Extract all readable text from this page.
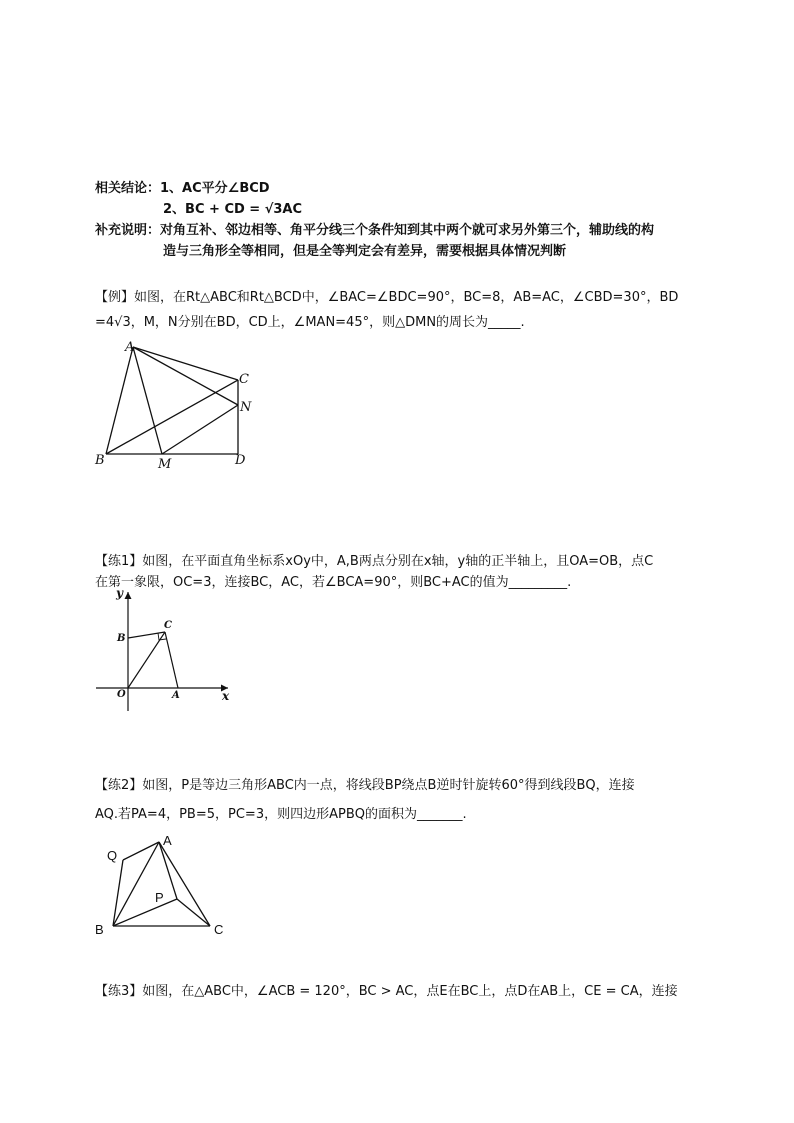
相关结论：1、AC平分∠BCD
2、BC + CD = √3AC
补充说明：对角互补、邻边相等、角平分线三个条件知到其中两个就可求另外第三个，辅助线的构
造与三角形全等相同，但是全等判定会有差异，需要根据具体情况判断
【例】如图，在Rt△ABC和Rt△BCD中，∠BAC=∠BDC=90°，BC=8，AB=AC，∠CBD=30°，BD
=4√3，M，N分别在BD，CD上，∠MAN=45°，则△DMN的周长为_____.
A
C
N
B	M	D
【练1】如图，在平面直角坐标系xOy中，A,B两点分别在x轴，y轴的正半轴上，且OA=OB，点C
在第一象限，OC=3，连接BC，AC，若∠BCA=90°，则BC+AC的值为_________.
y
B
C
O	A	x
【练2】如图，P是等边三角形ABC内一点，将线段BP绕点B逆时针旋转60°得到线段BQ，连接
AQ.若PA=4，PB=5，PC=3，则四边形APBQ的面积为_______.
Q
A
P
B	C
【练3】如图，在△ABC中，∠ACB = 120°，BC > AC，点E在BC上，点D在AB上，CE = CA，连接
